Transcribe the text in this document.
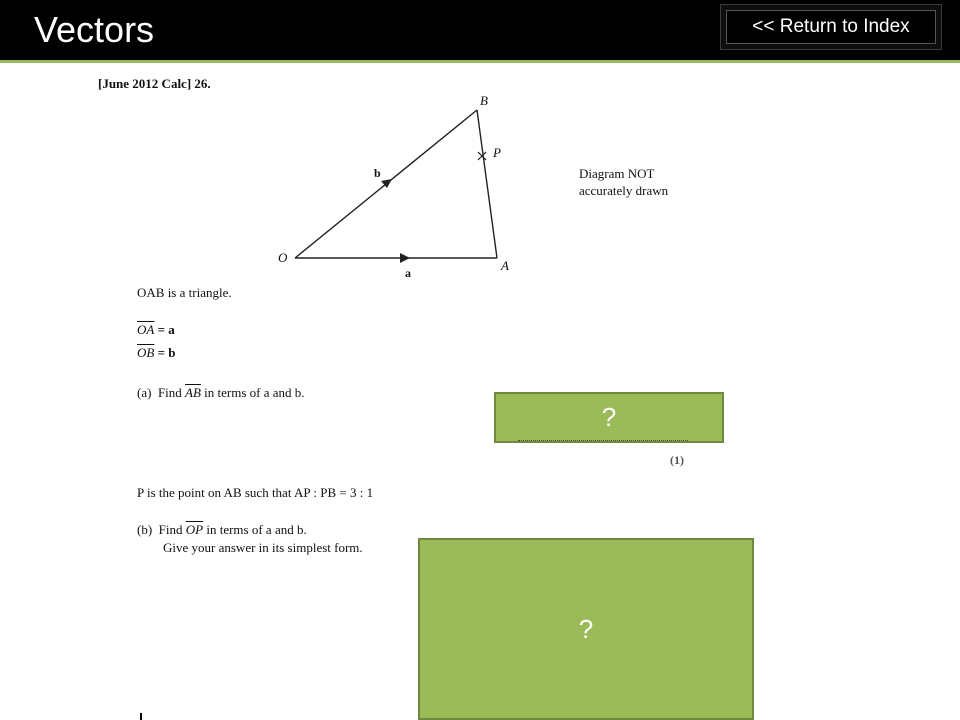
Vectors	<< Return to Index
[June 2012 Calc] 26.
O
A
B
P
a
b	Diagram NOT
accurately drawn
OAB is a triangle.
$\overline{OA} = a$
$\overline{OB} = b$
(a) Find $\overline{AB}$ in terms of a and b.
?
(1)
P is the point on AB such that AP : PB = 3 : 1
(b) Find $\overline{OP}$ in terms of a and b.
Give your answer in its simplest form.
?
